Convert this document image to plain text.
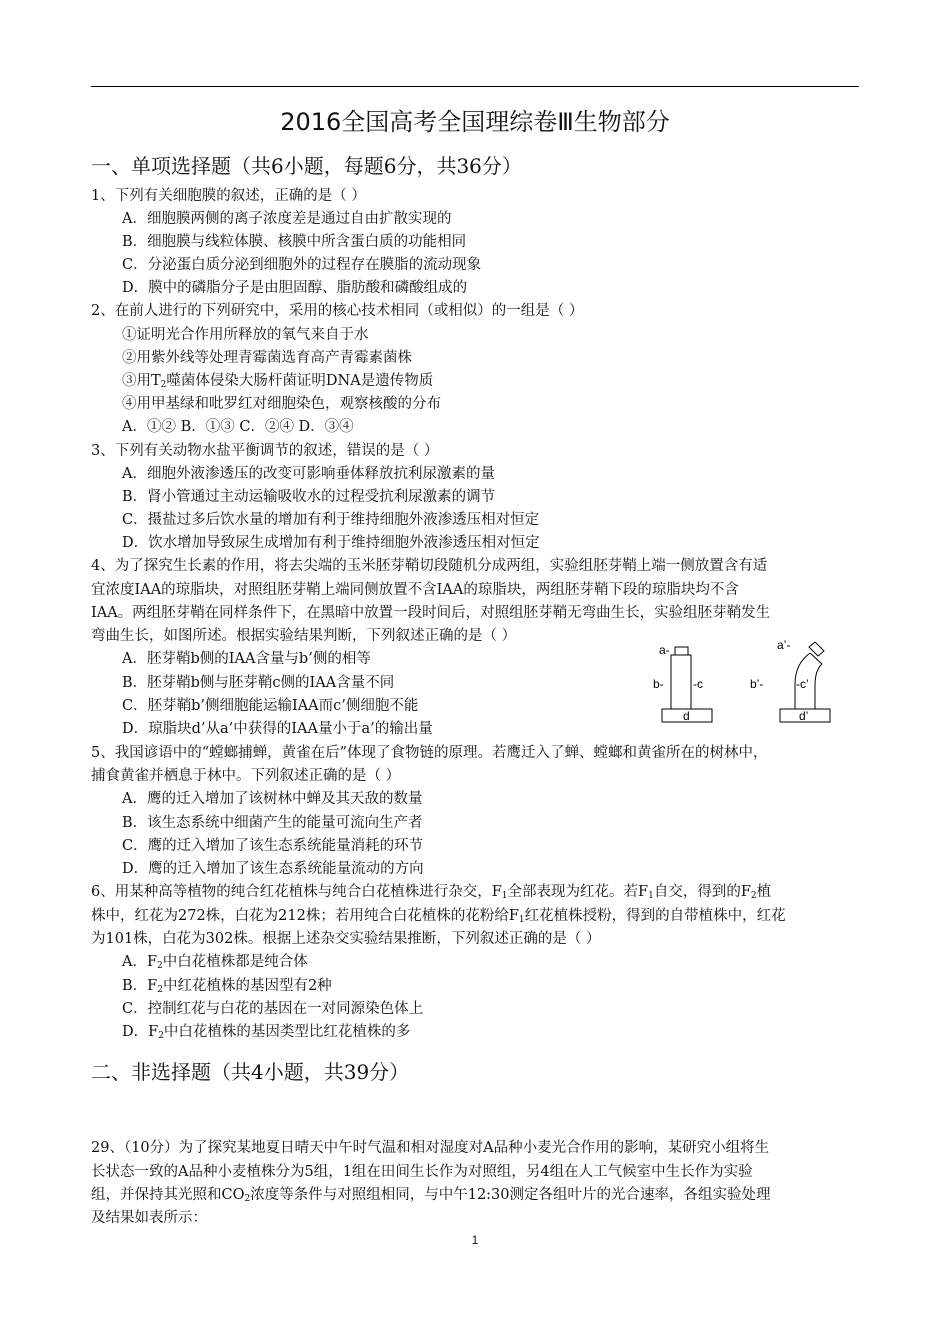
2016全国高考全国理综卷Ⅲ生物部分
一、单项选择题（共6小题，每题6分，共36分）
1、下列有关细胞膜的叙述，正确的是（ ）
A．细胞膜两侧的离子浓度差是通过自由扩散实现的
B．细胞膜与线粒体膜、核膜中所含蛋白质的功能相同
C．分泌蛋白质分泌到细胞外的过程存在膜脂的流动现象
D．膜中的磷脂分子是由胆固醇、脂肪酸和磷酸组成的
2、在前人进行的下列研究中，采用的核心技术相同（或相似）的一组是（ ）
①证明光合作用所释放的氧气来自于水
②用紫外线等处理青霉菌选育高产青霉素菌株
③用$T_2$噬菌体侵染大肠杆菌证明DNA是遗传物质
④用甲基绿和吡罗红对细胞染色，观察核酸的分布
A．①② B．①③ C．②④ D．③④
3、下列有关动物水盐平衡调节的叙述，错误的是（ ）
A．细胞外液渗透压的改变可影响垂体释放抗利尿激素的量
B．肾小管通过主动运输吸收水的过程受抗利尿激素的调节
C．摄盐过多后饮水量的增加有利于维持细胞外液渗透压相对恒定
D．饮水增加导致尿生成增加有利于维持细胞外液渗透压相对恒定
4、为了探究生长素的作用，将去尖端的玉米胚芽鞘切段随机分成两组，实验组胚芽鞘上端一侧放置含有适
宜浓度IAA的琼脂块，对照组胚芽鞘上端同侧放置不含IAA的琼脂块，两组胚芽鞘下段的琼脂块均不含
IAA。两组胚芽鞘在同样条件下，在黑暗中放置一段时间后，对照组胚芽鞘无弯曲生长，实验组胚芽鞘发生
弯曲生长，如图所述。根据实验结果判断，下列叙述正确的是（ ）
A．胚芽鞘b侧的IAA含量与b’侧的相等
B．胚芽鞘b侧与胚芽鞘c侧的IAA含量不同
C．胚芽鞘b’侧细胞能运输IAA而c’侧细胞不能
D．琼脂块d’从a’中获得的IAA量小于a’的输出量
a-
b- -c
d
a’-
b’-	-c’
d’
5、我国谚语中的“螳螂捕蝉，黄雀在后”体现了食物链的原理。若鹰迁入了蝉、螳螂和黄雀所在的树林中，
捕食黄雀并栖息于林中。下列叙述正确的是（ ）
A．鹰的迁入增加了该树林中蝉及其天敌的数量
B．该生态系统中细菌产生的能量可流向生产者
C．鹰的迁入增加了该生态系统能量消耗的环节
D．鹰的迁入增加了该生态系统能量流动的方向
6、用某种高等植物的纯合红花植株与纯合白花植株进行杂交，$F_1$全部表现为红花。若$F_1$自交，得到的$F_2$植
株中，红花为272株，白花为212株；若用纯合白花植株的花粉给$F_1$红花植株授粉，得到的自带植株中，红花
为101株，白花为302株。根据上述杂交实验结果推断，下列叙述正确的是（ ）
A．$F_2$中白花植株都是纯合体
B．$F_2$中红花植株的基因型有2种
C．控制红花与白花的基因在一对同源染色体上
D．$F_2$中白花植株的基因类型比红花植株的多
二、非选择题（共4小题，共39分）
29、（10分）为了探究某地夏日晴天中午时气温和相对湿度对A品种小麦光合作用的影响，某研究小组将生
长状态一致的A品种小麦植株分为5组，1组在田间生长作为对照组，另4组在人工气候室中生长作为实验
组，并保持其光照和$CO_2$浓度等条件与对照组相同，与中午12:30测定各组叶片的光合速率，各组实验处理
及结果如表所示：
1
